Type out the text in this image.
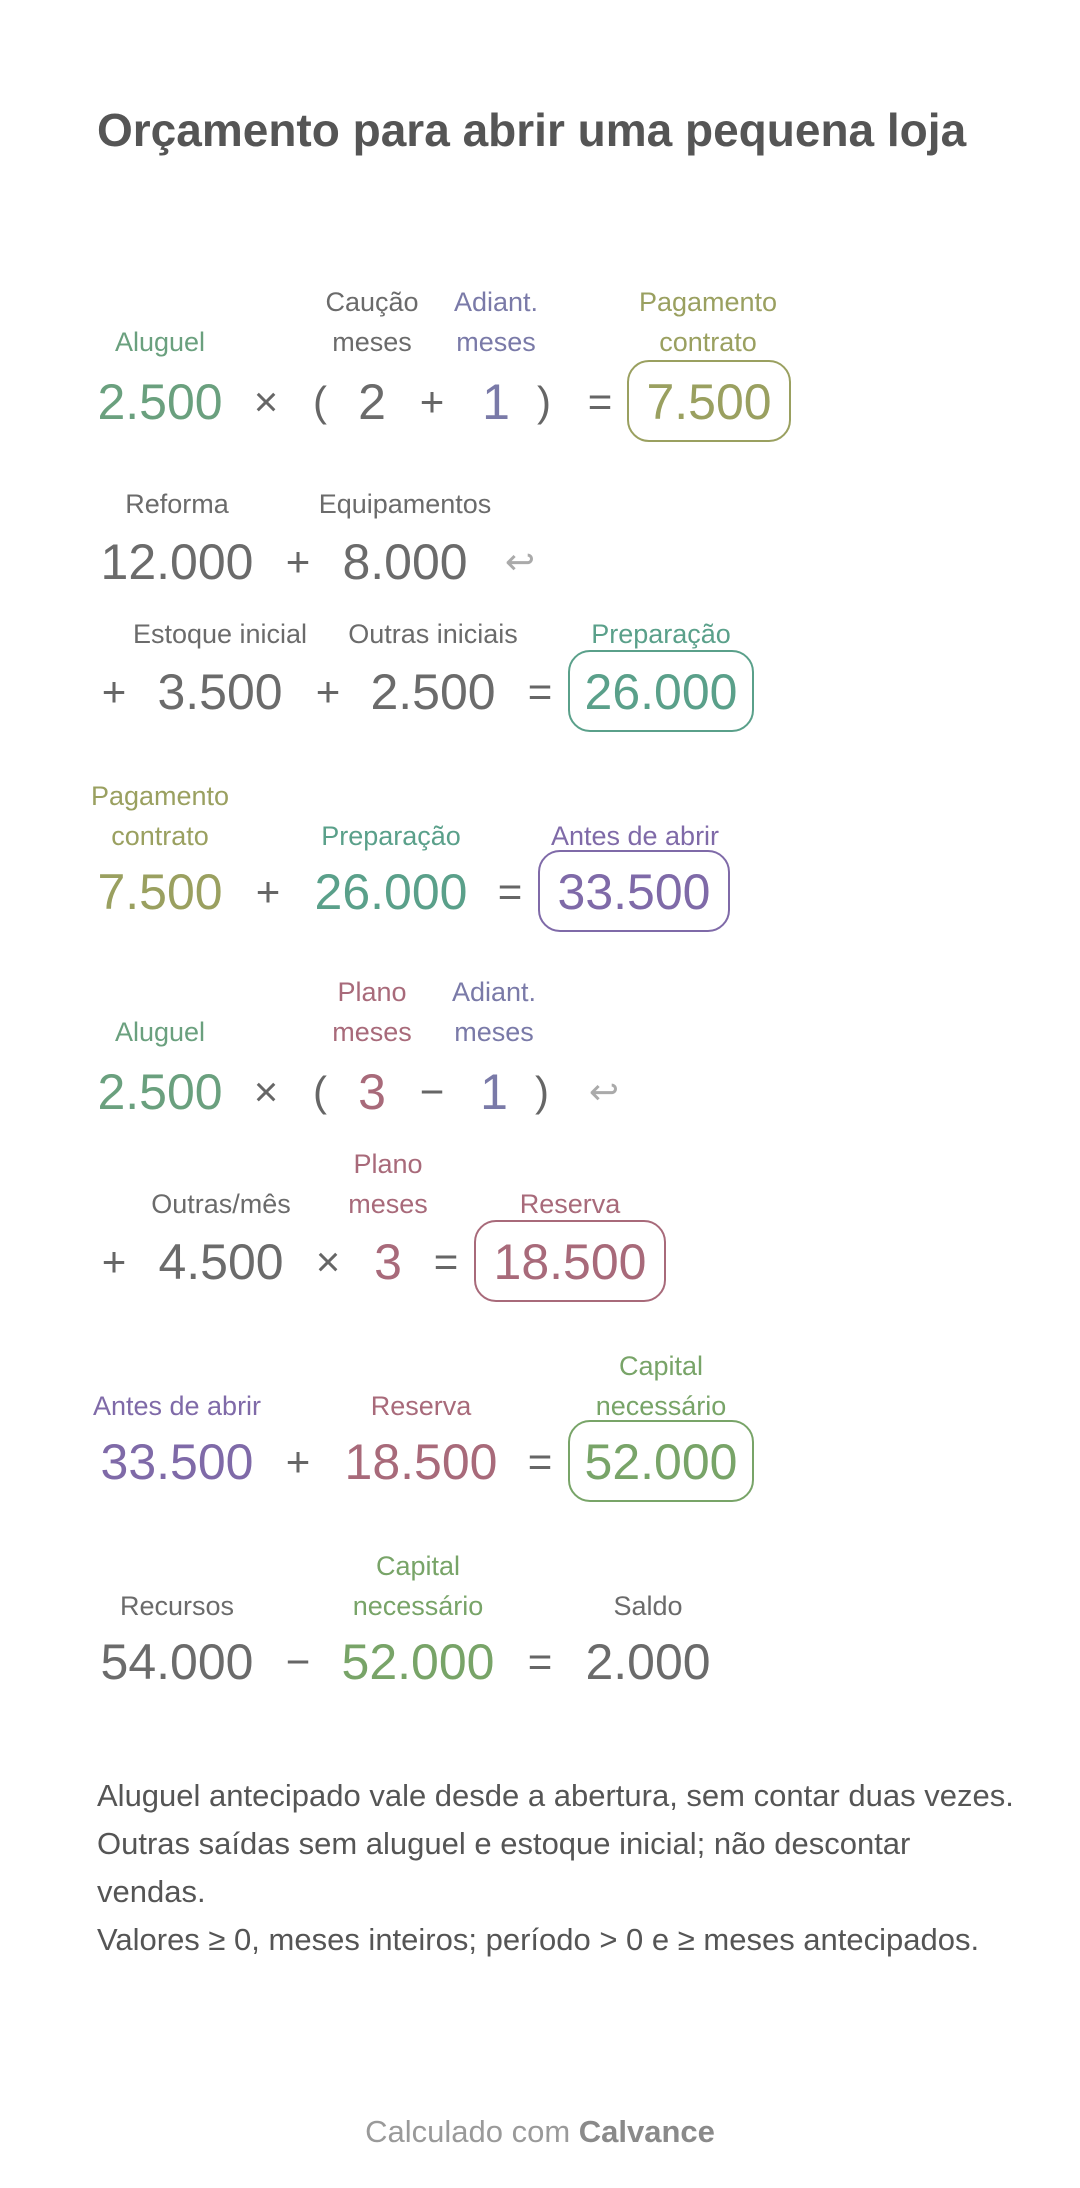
Orçamento para abrir uma pequena loja
Aluguel
2.500 × (
Caução
meses
2 +
Adiant.
meses
1 ) =
Pagamento
contrato
7.500
Reforma
12.000 +
Equipamentos
8.000	↩
+
Estoque inicial
3.500 +
Outras iniciais
2.500 =
Preparação
26.000
Pagamento
contrato
7.500 +
Preparação
26.000 =
Antes de abrir
33.500
Aluguel
2.500 × (
Plano
meses
3 −
Adiant.
meses
1 )	↩
+
Outras/mês
4.500 ×
Plano
meses
3 =
Reserva
18.500
Antes de abrir
33.500 +
Reserva
18.500 =
Capital
necessário
52.000
Recursos
54.000 −
Capital
necessário
52.000 =
Saldo
2.000
Aluguel antecipado vale desde a abertura, sem contar duas vezes.
Outras saídas sem aluguel e estoque inicial; não descontar vendas.
Valores ≥ 0, meses inteiros; período > 0 e ≥ meses antecipados.
Calculado com Calvance
